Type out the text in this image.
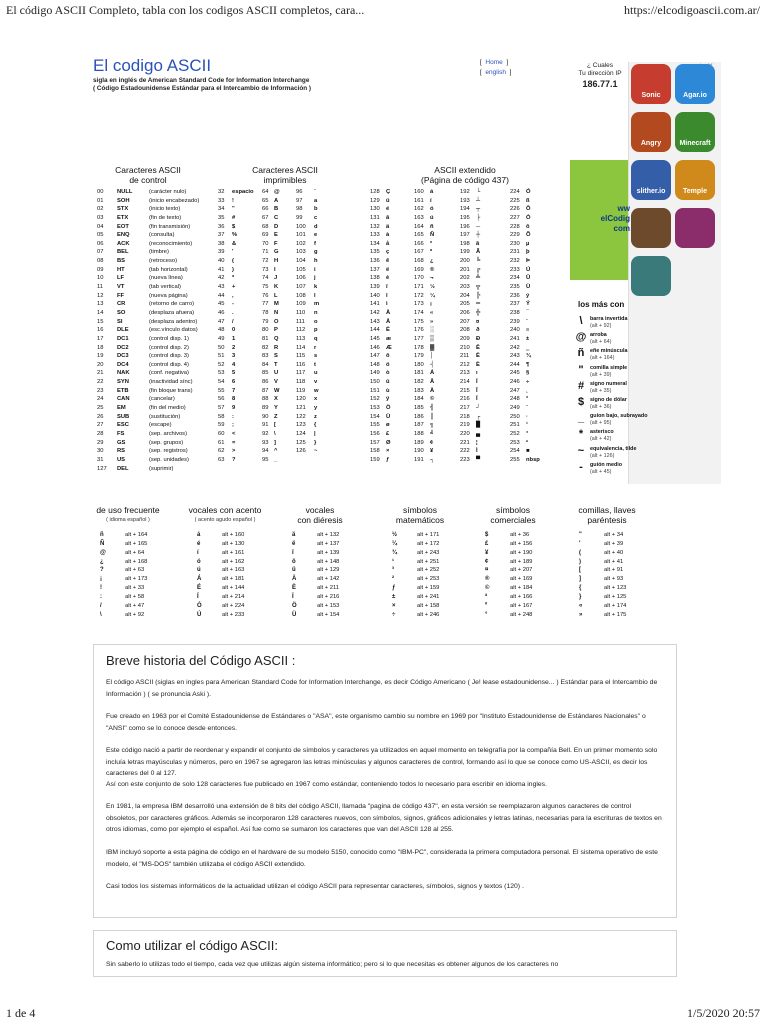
El código ASCII Completo, tabla con los codigos ASCII completos, cara...	https://elcodigoascii.com.ar/
El codigo ASCII
sigla en inglés de American Standard Code for Information Interchange
( Código Estadounidense Estándar para el Intercambio de Información )
[  Home  ]
[  english  ]
¿ Cuales
Tu direcciòn IP
186.77.1
Sonic	Agar.io
Angry	Minecraft
slither.io	Temple
▷ ✕
ww
elCodig
com
los más con
\	barra invertida
(alt + 92)
@ arroba
(alt + 64)
ñ	eñe minúscula
(alt + 164)
"	comilla simple
(alt + 39)
#	signo numeral
(alt + 35)
$	signo de dólar
(alt + 36)
_	guion bajo, subrayado
(alt + 95)
*	asterisco
(alt + 42)
~	equivalencia, tilde
(alt + 126)
-	guión medio
(alt + 45)
Caracteres ASCII
de control
Caracteres ASCII
imprimibles
ASCII extendido
(Página de código 437)
00 NULL	(carácter nulo)
01 SOH	(inicio encabezado)
02 STX	(inicio texto)
03 ETX	(fin de texto)
04 EOT	(fin transmisión)
05 ENQ	(consulta)
06 ACK	(reconocimiento)
07 BEL	(timbre)
08 BS	(retroceso)
09 HT	(tab horizontal)
10 LF	(nueva línea)
11 VT	(tab vertical)
12 FF	(nueva página)
13 CR	(retorno de carro)
14 SO	(desplaza afuera)
15 SI	(desplaza adentro)
16 DLE	(esc.vínculo datos)
17 DC1	(control disp. 1)
18 DC2	(control disp. 2)
19 DC3	(control disp. 3)
20 DC4	(control disp. 4)
21 NAK	(conf. negativa)
22 SYN	(inactividad sínc)
23 ETB	(fin bloque trans)
24 CAN	(cancelar)
25 EM	(fin del medio)
26 SUB	(sustitución)
27 ESC	(escape)
28 FS	(sep. archivos)
29 GS	(sep. grupos)
30 RS	(sep. registros)
31 US	(sep. unidades)
127 DEL	(suprimir)
32 espacio 64 @	96 `
33 !	65 A	97 a
34 "	66 B	98 b
35 #	67 C	99 c
36 $	68 D	100 d
37 %	69 E	101 e
38 &	70 F	102 f
39 '	71 G	103 g
40 (	72 H	104 h
41 )	73 I	105 i
42 *	74 J	106 j
43 +	75 K	107 k
44 ,	76 L	108 l
45 -	77 M	109 m
46 .	78 N	110 n
47 /	79 O	111 o
48 0	80 P	112 p
49 1	81 Q	113 q
50 2	82 R	114 r
51 3	83 S	115 s
52 4	84 T	116 t
53 5	85 U	117 u
54 6	86 V	118 v
55 7	87 W	119 w
56 8	88 X	120 x
57 9	89 Y	121 y
58 :	90 Z	122 z
59 ;	91 [	123 {
60 <	92 \	124 |
61 =	93 ]	125 }
62 >	94 ^	126 ~
63 ?	95 _
128 Ç	160 á	192 └	224 Ó
129 ü	161 í	193 ┴	225 ß
130 é	162 ó	194 ┬	226 Ô
131 â	163 ú	195 ├	227 Ò
132 ä	164 ñ	196 ─	228 õ
133 à	165 Ñ	197 ┼	229 Õ
134 å	166 ª	198 ã	230 µ
135 ç	167 º	199 Ã	231 þ
136 ê	168 ¿	200 ╚	232 Þ
137 ë	169 ®	201 ╔	233 Ú
138 è	170 ¬	202 ╩	234 Û
139 ï	171 ½	203 ╦	235 Ù
140 î	172 ¼	204 ╠	236 ý
141 ì	173 ¡	205 ═	237 Ý
142 Ä	174 «	206 ╬	238 ¯
143 Å	175 »	207 ¤	239 ´
144 É	176 ░	208 ð	240 ≡
145 æ	177 ▒	209 Ð	241 ±
146 Æ	178 ▓	210 Ê	242 ‗
147 ô	179 │	211 Ë	243 ¾
148 ö	180 ┤	212 È	244 ¶
149 ò	181 Á	213 ı	245 §
150 û	182 Â	214 Í	246 ÷
151 ù	183 À	215 Î	247 ¸
152 ÿ	184 ©	216 Ï	248 °
153 Ö	185 ╣	217 ┘	249 ¨
154 Ü	186 ║	218 ┌	250 ·
155 ø	187 ╗	219 █	251 ¹
156 £	188 ╝	220 ▄	252 ³
157 Ø	189 ¢	221 ¦	253 ²
158 ×	190 ¥	222 Ì	254 ■
159 ƒ	191 ┐	223 ▀	255 nbsp
de uso frecuente
( idioma español )
vocales con acento
( acento agudo español )
vocales
con diéresis
símbolos
matemáticos
símbolos
comerciales
comillas, llaves
paréntesis
ñ	alt + 164
Ñ	alt + 165
@	alt + 64
¿	alt + 168
?	alt + 63
¡	alt + 173
!	alt + 33
:	alt + 58
/	alt + 47
\	alt + 92
á	alt + 160
é	alt + 130
í	alt + 161
ó	alt + 162
ú	alt + 163
Á	alt + 181
É	alt + 144
Í	alt + 214
Ó	alt + 224
Ú	alt + 233
ä	alt + 132
ë	alt + 137
ï	alt + 139
ö	alt + 148
ü	alt + 129
Ä	alt + 142
Ë	alt + 211
Ï	alt + 216
Ö	alt + 153
Ü	alt + 154
½	alt + 171
¼	alt + 172
¾	alt + 243
¹	alt + 251
³	alt + 252
²	alt + 253
ƒ	alt + 159
±	alt + 241
×	alt + 158
÷	alt + 246
$	alt + 36
£	alt + 156
¥	alt + 190
¢	alt + 189
¤	alt + 207
®	alt + 169
©	alt + 184
ª	alt + 166
º	alt + 167
°	alt + 248
"	alt + 34
'	alt + 39
(	alt + 40
)	alt + 41
[	alt + 91
]	alt + 93
{	alt + 123
}	alt + 125
«	alt + 174
»	alt + 175
Breve historia del Código ASCII :

El código ASCII (siglas en ingles para American Standard Code for Information Interchange, es decir Código Americano ( Je! lease estadounidense... ) Estándar para el Intercambio de Información ) ( se pronuncia Aski ).

Fue creado en 1963 por el Comité Estadounidense de Estándares o "ASA", este organismo cambio su nombre en 1969 por "Instituto Estadounidense de Estándares Nacionales" o "ANSI" como se lo conoce desde entonces.

Este código nació a partir de reordenar y expandir el conjunto de símbolos y caracteres ya utilizados en aquel momento en telegrafía por la compañía Bell. En un primer momento solo incluía letras mayúsculas y números, pero en 1967 se agregaron las letras minúsculas y algunos caracteres de control, formando así lo que se conoce como US-ASCII, es decir los caracteres del 0 al 127.

Así con este conjunto de solo 128 caracteres fue publicado en 1967 como estándar, conteniendo todos lo necesario para escribir en idioma ingles.

En 1981, la empresa IBM desarrolló una extensión de 8 bits del código ASCII, llamada "pagina de código 437", en esta versión se reemplazaron algunos caracteres de control obsoletos, por caracteres gráficos. Además se incorporaron 128 caracteres nuevos, con símbolos, signos, gráficos adicionales y letras latinas, necesarias para la escrituras de textos en otros idiomas, como por ejemplo el español. Así fue como se sumaron los caracteres que van del ASCII 128 al 255.

IBM incluyó soporte a esta página de código en el hardware de su modelo 5150, conocido como "IBM-PC", considerada la primera computadora personal. El sistema operativo de este modelo, el "MS-DOS" también utilizaba el código ASCII extendido.

Casi todos los sistemas informáticos de la actualidad utilizan el código ASCII para representar caracteres, símbolos, signos y textos (120) .

Como utilizar el código ASCII:

Sin saberlo lo utilizas todo el tiempo, cada vez que utilizas algún sistema informático; pero si lo que necesitas es obtener algunos de los caracteres no

1 de 4	1/5/2020 20:57
